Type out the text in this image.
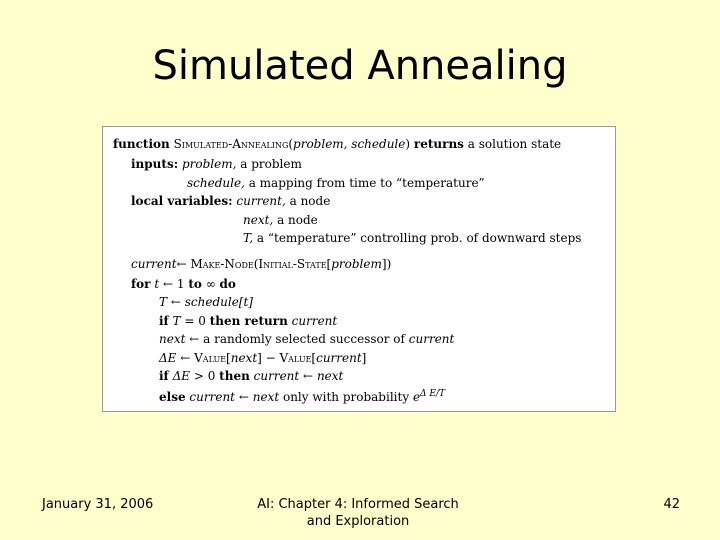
Simulated Annealing
function Simulated-Annealing(problem, schedule) returns a solution state
inputs: problem, a problem
schedule, a mapping from time to “temperature”
local variables: current, a node
next, a node
T, a “temperature” controlling prob. of downward steps
current← Make-Node(Initial-State[problem])
for t ← 1 to ∞ do
T ← schedule[t]
if T = 0 then return current
next ← a randomly selected successor of current
ΔE ← Value[next] − Value[current]
if ΔE > 0 then current ← next
else current ← next only with probability $e^{\Delta E/T}$
January 31, 2006	AI: Chapter 4: Informed Search
and Exploration
42
